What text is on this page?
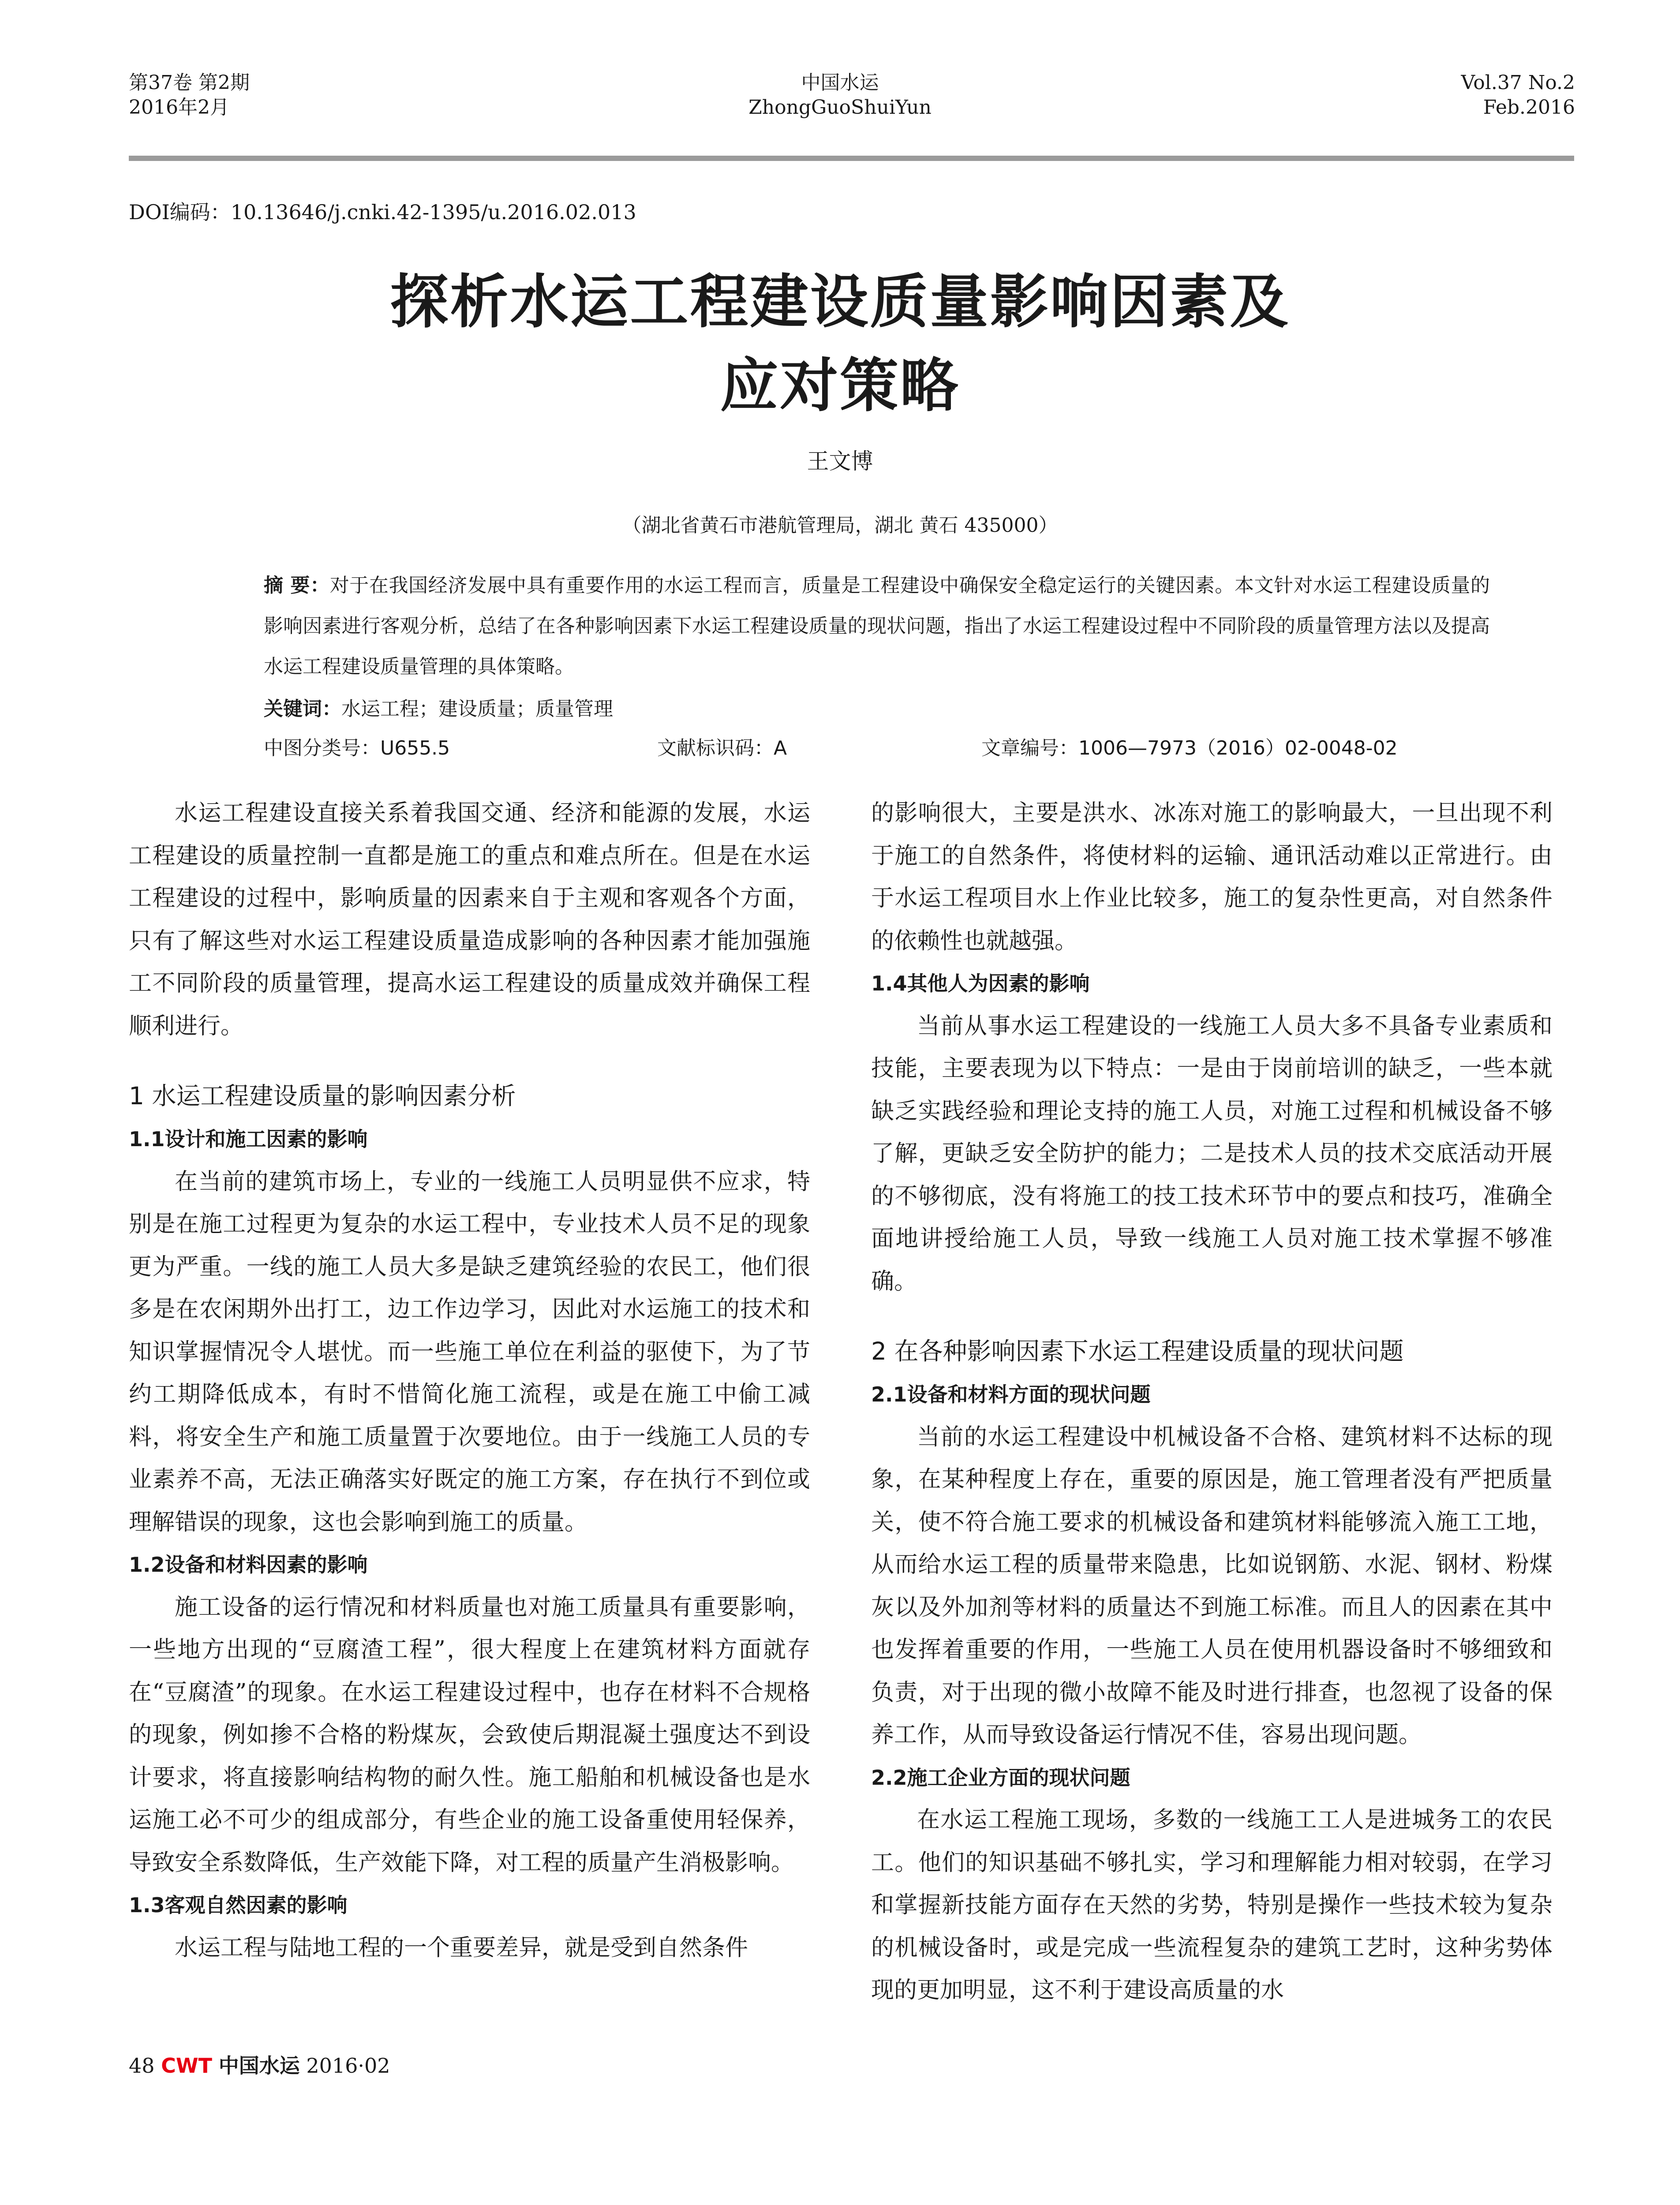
第37卷 第2期
2016年2月
中国水运
ZhongGuoShuiYun
Vol.37 No.2
Feb.2016
DOI编码：10.13646/j.cnki.42-1395/u.2016.02.013
探析水运工程建设质量影响因素及
应对策略
王文博
（湖北省黄石市港航管理局，湖北 黄石 435000）
摘 要：对于在我国经济发展中具有重要作用的水运工程而言，质量是工程建设中确保安全稳定运行的关键因素。本文针对水运工程建设质量的影响因素进行客观分析，总结了在各种影响因素下水运工程建设质量的现状问题，指出了水运工程建设过程中不同阶段的质量管理方法以及提高水运工程建设质量管理的具体策略。
关键词：水运工程；建设质量；质量管理
中图分类号：U655.5	文献标识码：A	文章编号：1006—7973（2016）02-0048-02

水运工程建设直接关系着我国交通、经济和能源的发展，水运工程建设的质量控制一直都是施工的重点和难点所在。但是在水运工程建设的过程中，影响质量的因素来自于主观和客观各个方面，只有了解这些对水运工程建设质量造成影响的各种因素才能加强施工不同阶段的质量管理，提高水运工程建设的质量成效并确保工程顺利进行。

1 水运工程建设质量的影响因素分析
1.1设计和施工因素的影响

在当前的建筑市场上，专业的一线施工人员明显供不应求，特别是在施工过程更为复杂的水运工程中，专业技术人员不足的现象更为严重。一线的施工人员大多是缺乏建筑经验的农民工，他们很多是在农闲期外出打工，边工作边学习，因此对水运施工的技术和知识掌握情况令人堪忧。而一些施工单位在利益的驱使下，为了节约工期降低成本，有时不惜简化施工流程，或是在施工中偷工减料，将安全生产和施工质量置于次要地位。由于一线施工人员的专业素养不高，无法正确落实好既定的施工方案，存在执行不到位或理解错误的现象，这也会影响到施工的质量。

1.2设备和材料因素的影响

施工设备的运行情况和材料质量也对施工质量具有重要影响，一些地方出现的“豆腐渣工程”，很大程度上在建筑材料方面就存在“豆腐渣”的现象。在水运工程建设过程中，也存在材料不合规格的现象，例如掺不合格的粉煤灰，会致使后期混凝土强度达不到设计要求，将直接影响结构物的耐久性。施工船舶和机械设备也是水运施工必不可少的组成部分，有些企业的施工设备重使用轻保养，导致安全系数降低，生产效能下降，对工程的质量产生消极影响。

1.3客观自然因素的影响

水运工程与陆地工程的一个重要差异，就是受到自然条件

的影响很大，主要是洪水、冰冻对施工的影响最大，一旦出现不利于施工的自然条件，将使材料的运输、通讯活动难以正常进行。由于水运工程项目水上作业比较多，施工的复杂性更高，对自然条件的依赖性也就越强。

1.4其他人为因素的影响

当前从事水运工程建设的一线施工人员大多不具备专业素质和技能，主要表现为以下特点：一是由于岗前培训的缺乏，一些本就缺乏实践经验和理论支持的施工人员，对施工过程和机械设备不够了解，更缺乏安全防护的能力；二是技术人员的技术交底活动开展的不够彻底，没有将施工的技工技术环节中的要点和技巧，准确全面地讲授给施工人员，导致一线施工人员对施工技术掌握不够准确。

2 在各种影响因素下水运工程建设质量的现状问题
2.1设备和材料方面的现状问题

当前的水运工程建设中机械设备不合格、建筑材料不达标的现象，在某种程度上存在，重要的原因是，施工管理者没有严把质量关，使不符合施工要求的机械设备和建筑材料能够流入施工工地，从而给水运工程的质量带来隐患，比如说钢筋、水泥、钢材、粉煤灰以及外加剂等材料的质量达不到施工标准。而且人的因素在其中也发挥着重要的作用，一些施工人员在使用机器设备时不够细致和负责，对于出现的微小故障不能及时进行排查，也忽视了设备的保养工作，从而导致设备运行情况不佳，容易出现问题。

2.2施工企业方面的现状问题

在水运工程施工现场，多数的一线施工工人是进城务工的农民工。他们的知识基础不够扎实，学习和理解能力相对较弱，在学习和掌握新技能方面存在天然的劣势，特别是操作一些技术较为复杂的机械设备时，或是完成一些流程复杂的建筑工艺时，这种劣势体现的更加明显，这不利于建设高质量的水

48 CWT 中国水运 2016·02
